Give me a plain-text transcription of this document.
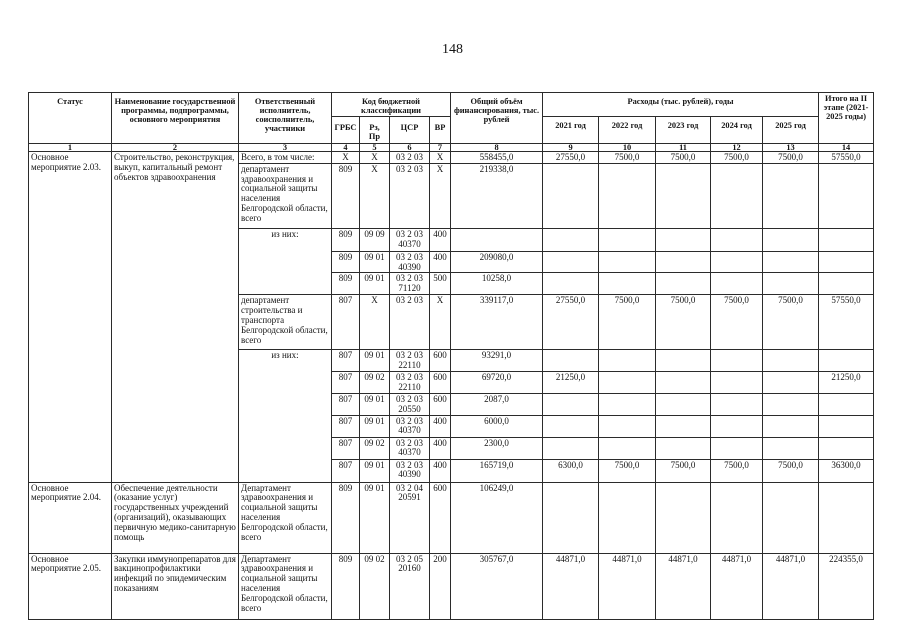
148
Статус	Наименование государственной программы, подпрограммы, основного мероприятия	Ответственный исполнитель, соисполнитель, участники	Код бюджетной классификации				Общий объём финансирования, тыс. рублей	Расходы (тыс. рублей), годы					Итого на II этапе (2021-2025 годы)
			ГРБС	Рз, Пр	ЦСР	ВР		2021 год	2022 год	2023 год	2024 год	2025 год	
1	2	3	4	5	6	7	8	9	10	11	12	13	14
Основное мероприятие 2.03.	Строительство, реконструкция, выкуп, капитальный ремонт объектов здравоохранения	Всего, в том числе:	Х	Х	03 2 03	Х	558455,0	27550,0	7500,0	7500,0	7500,0	7500,0	57550,0
		департамент здравоохранения и социальной защиты населения Белгородской области, всего	809	Х	03 2 03	Х	219338,0						
		из них:	809	09 09	03 2 03 40370	400							
			809	09 01	03 2 03 40390	400	209080,0						
			809	09 01	03 2 03 71120	500	10258,0						
		департамент строительства и транспорта Белгородской области, всего	807	Х	03 2 03	Х	339117,0	27550,0	7500,0	7500,0	7500,0	7500,0	57550,0
		из них:	807	09 01	03 2 03 22110	600	93291,0						
			807	09 02	03 2 03 22110	600	69720,0	21250,0					21250,0
			807	09 01	03 2 03 20550	600	2087,0						
			807	09 01	03 2 03 40370	400	6000,0						
			807	09 02	03 2 03 40370	400	2300,0						
			807	09 01	03 2 03 40390	400	165719,0	6300,0	7500,0	7500,0	7500,0	7500,0	36300,0
Основное мероприятие 2.04.	Обеспечение деятельности (оказание услуг) государственных учреждений (организаций), оказывающих первичную медико-санитарную помощь	Департамент здравоохранения и социальной защиты населения Белгородской области, всего	809	09 01	03 2 04 20591	600	106249,0						
Основное мероприятие 2.05.	Закупки иммунопрепаратов для вакцинопрофилактики инфекций по эпидемическим показаниям	Департамент здравоохранения и социальной защиты населения Белгородской области, всего	809	09 02	03 2 05 20160	200	305767,0	44871,0	44871,0	44871,0	44871,0	44871,0	224355,0
